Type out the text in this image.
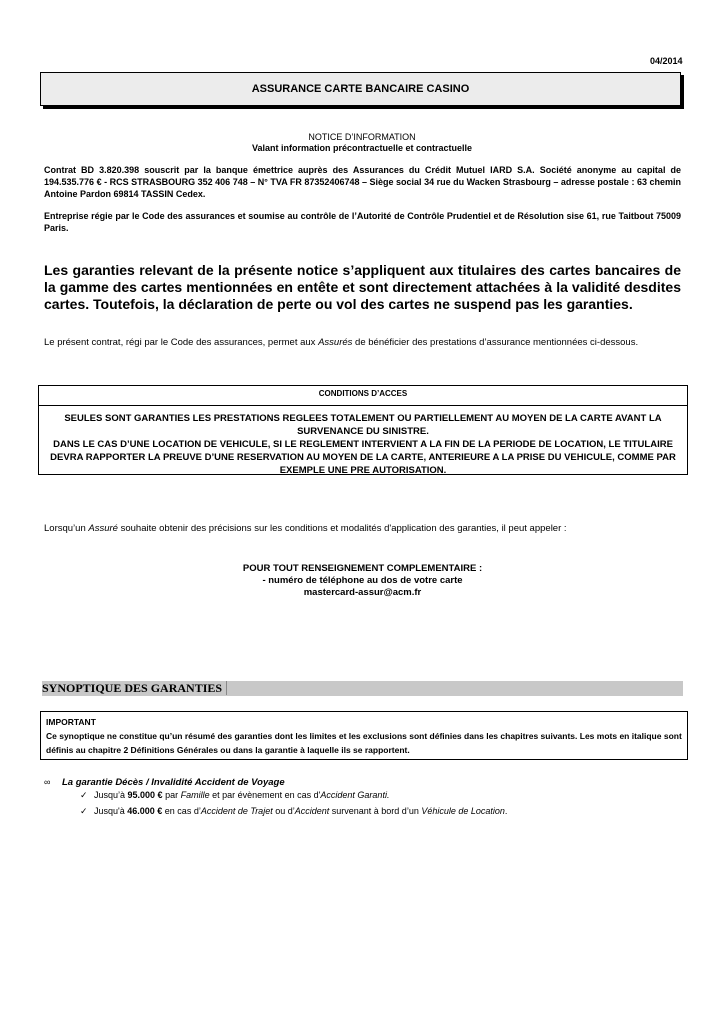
04/2014
ASSURANCE CARTE BANCAIRE CASINO
NOTICE D’INFORMATION
Valant information précontractuelle et contractuelle
Contrat BD 3.820.398 souscrit par la banque émettrice auprès des Assurances du Crédit Mutuel IARD S.A. Société anonyme au capital de 194.535.776 € - RCS STRASBOURG 352 406 748 – N° TVA FR 87352406748 – Siège social 34 rue du Wacken Strasbourg – adresse postale : 63 chemin Antoine Pardon 69814 TASSIN Cedex.
Entreprise régie par le Code des assurances et soumise au contrôle de l’Autorité de Contrôle Prudentiel et de Résolution sise 61, rue Taitbout 75009 Paris.
Les garanties relevant de la présente notice s’appliquent aux titulaires des cartes bancaires de la gamme des cartes mentionnées en entête et sont directement attachées à la validité desdites cartes. Toutefois, la déclaration de perte ou vol des cartes ne suspend pas les garanties.
Le présent contrat, régi par le Code des assurances, permet aux Assurés de bénéficier des prestations d’assurance mentionnées ci-dessous.
CONDITIONS D’ACCES
SEULES SONT GARANTIES LES PRESTATIONS REGLEES TOTALEMENT OU PARTIELLEMENT AU MOYEN DE LA CARTE AVANT LA SURVENANCE DU SINISTRE.
DANS LE CAS D’UNE LOCATION DE VEHICULE, SI LE REGLEMENT INTERVIENT A LA FIN DE LA PERIODE DE LOCATION, LE TITULAIRE DEVRA RAPPORTER LA PREUVE D’UNE RESERVATION AU MOYEN DE LA CARTE, ANTERIEURE A LA PRISE DU VEHICULE, COMME PAR EXEMPLE UNE PRE AUTORISATION.
Lorsqu’un Assuré souhaite obtenir des précisions sur les conditions et modalités d'application des garanties, il peut appeler :
POUR TOUT RENSEIGNEMENT COMPLEMENTAIRE :
- numéro de téléphone au dos de votre carte
mastercard-assur@acm.fr
SYNOPTIQUE DES GARANTIES
IMPORTANT
Ce synoptique ne constitue qu’un résumé des garanties dont les limites et les exclusions sont définies dans les chapitres suivants. Les mots en italique sont définis au chapitre 2 Définitions Générales ou dans la garantie à laquelle ils se rapportent.
∞ La garantie Décès / Invalidité Accident de Voyage
✓ Jusqu’à 95.000 € par Famille et par évènement en cas d'Accident Garanti.
✓ Jusqu'à 46.000 € en cas d’Accident de Trajet ou d’Accident survenant à bord d’un Véhicule de Location.
